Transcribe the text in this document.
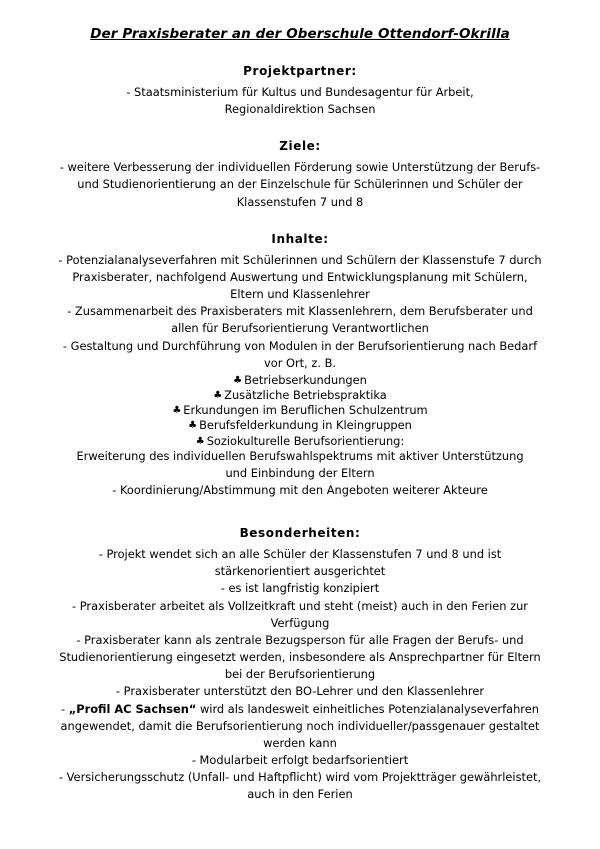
Der Praxisberater an der Oberschule Ottendorf-Okrilla
Projektpartner:

- Staatsministerium für Kultus und Bundesagentur für Arbeit,

Regionaldirektion Sachsen

Ziele:

- weitere Verbesserung der individuellen Förderung sowie Unterstützung der Berufs-

und Studienorientierung an der Einzelschule für Schülerinnen und Schüler der

Klassenstufen 7 und 8

Inhalte:

- Potenzialanalyseverfahren mit Schülerinnen und Schülern der Klassenstufe 7 durch

Praxisberater, nachfolgend Auswertung und Entwicklungsplanung mit Schülern,

Eltern und Klassenlehrer

- Zusammenarbeit des Praxisberaters mit Klassenlehrern, dem Berufsberater und

allen für Berufsorientierung Verantwortlichen

- Gestaltung und Durchführung von Modulen in der Berufsorientierung nach Bedarf

vor Ort, z. B.

♣ Betriebserkundungen
♣ Zusätzliche Betriebspraktika
♣ Erkundungen im Beruflichen Schulzentrum
♣ Berufsfelderkundung in Kleingruppen
♣ Soziokulturelle Berufsorientierung:

Erweiterung des individuellen Berufswahlspektrums mit aktiver Unterstützung

und Einbindung der Eltern

- Koordinierung/Abstimmung mit den Angeboten weiterer Akteure

Besonderheiten:

- Projekt wendet sich an alle Schüler der Klassenstufen 7 und 8 und ist

stärkenorientiert ausgerichtet

- es ist langfristig konzipiert

- Praxisberater arbeitet als Vollzeitkraft und steht (meist) auch in den Ferien zur

Verfügung

- Praxisberater kann als zentrale Bezugsperson für alle Fragen der Berufs- und

Studienorientierung eingesetzt werden, insbesondere als Ansprechpartner für Eltern

bei der Berufsorientierung

- Praxisberater unterstützt den BO-Lehrer und den Klassenlehrer

- „Profil AC Sachsen“ wird als landesweit einheitliches Potenzialanalyseverfahren

angewendet, damit die Berufsorientierung noch individueller/passgenauer gestaltet

werden kann

- Modularbeit erfolgt bedarfsorientiert

- Versicherungsschutz (Unfall- und Haftpflicht) wird vom Projektträger gewährleistet,

auch in den Ferien
